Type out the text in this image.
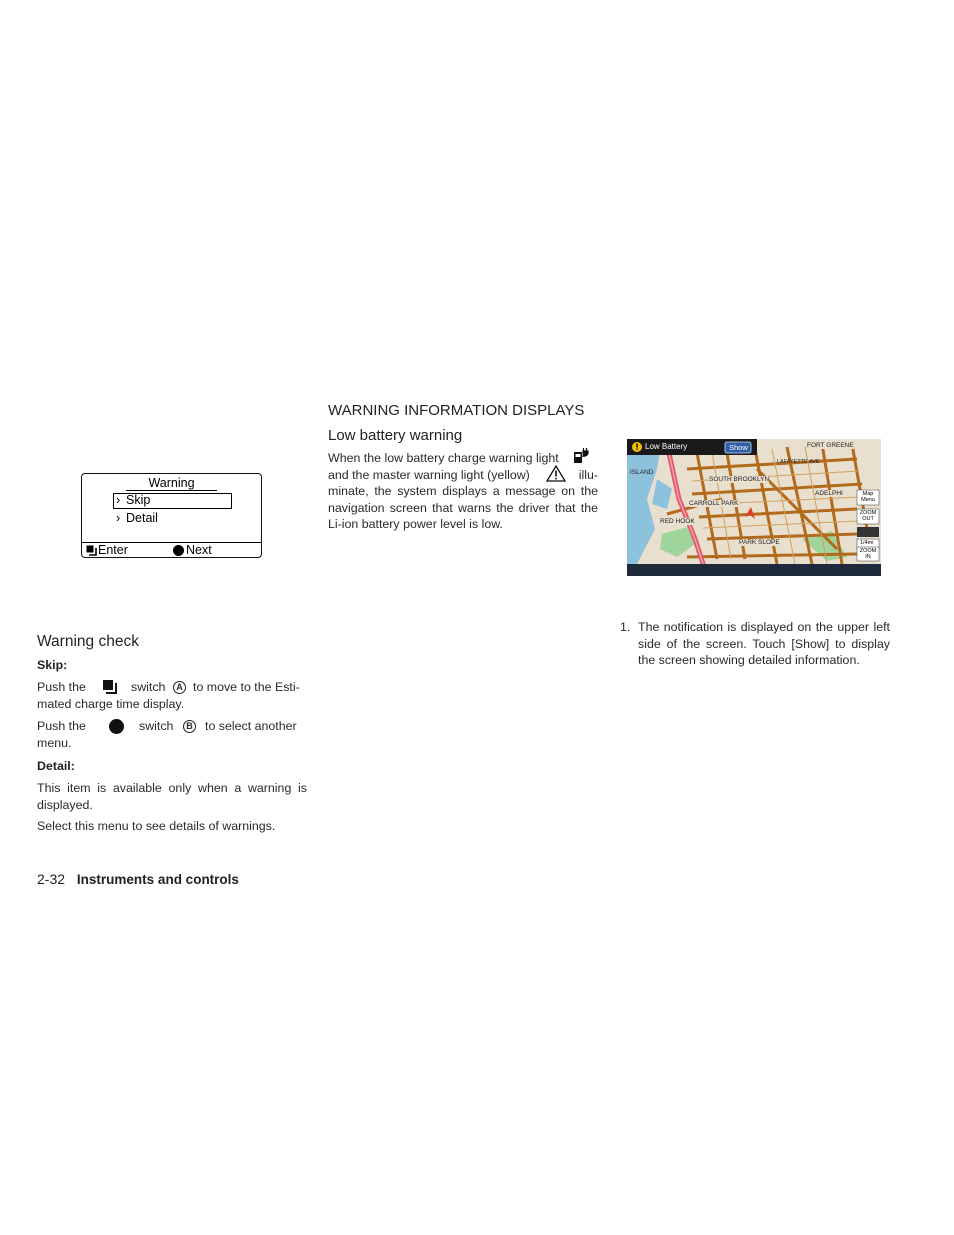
WARNING INFORMATION DISPLAYS
Low battery warning
When the low battery charge warning light
and the master warning light (yellow)	illu-
minate, the system displays a message on the navigation screen that warns the driver that the Li-ion battery power level is low.
Warning
› Skip
› Detail
Enter	Next
Low Battery	Show	FORT GREENE
ISLAND
LAFAYETTE AVE
SOUTH BROOKLYN
CARROLL PARK
ADELPHI
RED HOOK
PARK SLOPE
Map
Menu
ZOOM
OUT
1/4mi
ZOOM
IN
1. The notification is displayed on the upper left side of the screen. Touch [Show] to display the screen showing detailed information.
Warning check
Skip:
Push the	switch	A to move to the Esti-
mated charge time display.
Push the	switch	B to select another
menu.
Detail:
This item is available only when a warning is displayed.
Select this menu to see details of warnings.
2-32 Instruments and controls
